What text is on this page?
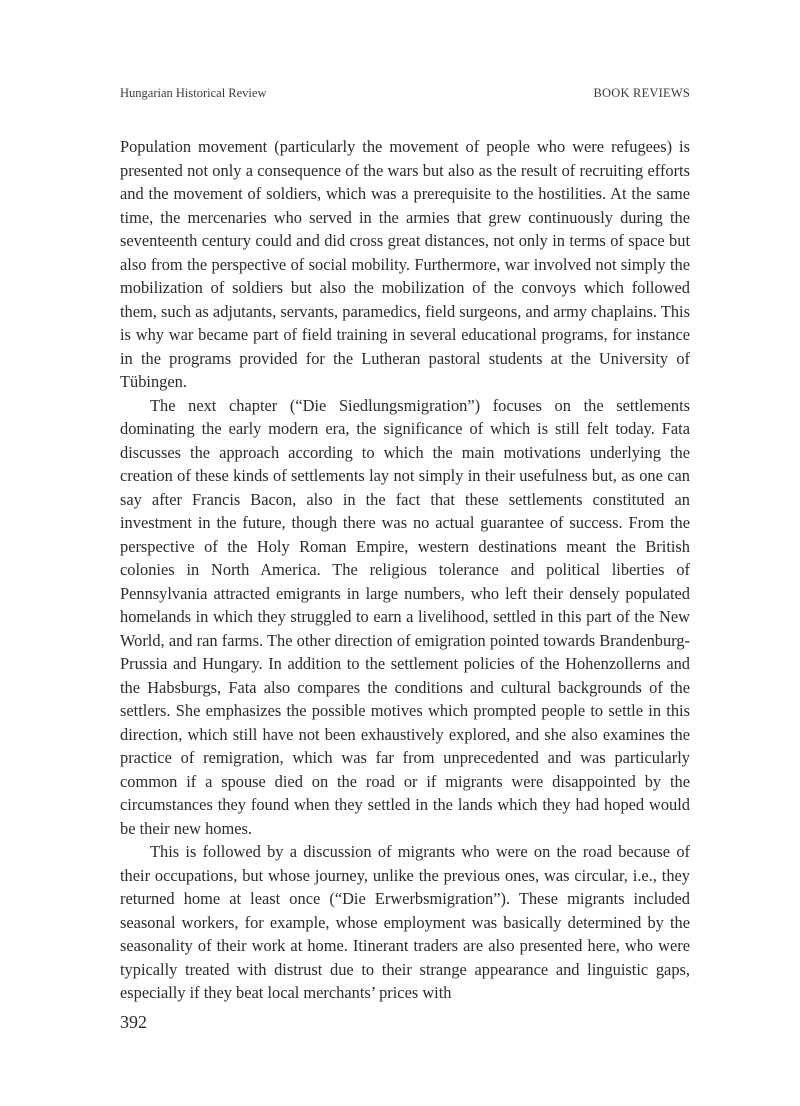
Hungarian Historical Review	BOOK REVIEWS

Population movement (particularly the movement of people who were refugees) is presented not only a consequence of the wars but also as the result of recruiting efforts and the movement of soldiers, which was a prerequisite to the hostilities. At the same time, the mercenaries who served in the armies that grew continuously during the seventeenth century could and did cross great distances, not only in terms of space but also from the perspective of social mobility. Furthermore, war involved not simply the mobilization of soldiers but also the mobilization of the convoys which followed them, such as adjutants, servants, paramedics, field surgeons, and army chaplains. This is why war became part of field training in several educational programs, for instance in the programs provided for the Lutheran pastoral students at the University of Tübingen.

The next chapter (“Die Siedlungsmigration”) focuses on the settlements dominating the early modern era, the significance of which is still felt today. Fata discusses the approach according to which the main motivations underlying the creation of these kinds of settlements lay not simply in their usefulness but, as one can say after Francis Bacon, also in the fact that these settlements constituted an investment in the future, though there was no actual guarantee of success. From the perspective of the Holy Roman Empire, western destinations meant the British colonies in North America. The religious tolerance and political liberties of Pennsylvania attracted emigrants in large numbers, who left their densely populated homelands in which they struggled to earn a livelihood, settled in this part of the New World, and ran farms. The other direction of emigration pointed towards Brandenburg-Prussia and Hungary. In addition to the settlement policies of the Hohenzollerns and the Habsburgs, Fata also compares the conditions and cultural backgrounds of the settlers. She emphasizes the possible motives which prompted people to settle in this direction, which still have not been exhaustively explored, and she also examines the practice of remigration, which was far from unprecedented and was particularly common if a spouse died on the road or if migrants were disappointed by the circumstances they found when they settled in the lands which they had hoped would be their new homes.

This is followed by a discussion of migrants who were on the road because of their occupations, but whose journey, unlike the previous ones, was circular, i.e., they returned home at least once (“Die Erwerbsmigration”). These migrants included seasonal workers, for example, whose employment was basically determined by the seasonality of their work at home. Itinerant traders are also presented here, who were typically treated with distrust due to their strange appearance and linguistic gaps, especially if they beat local merchants’ prices with

392
